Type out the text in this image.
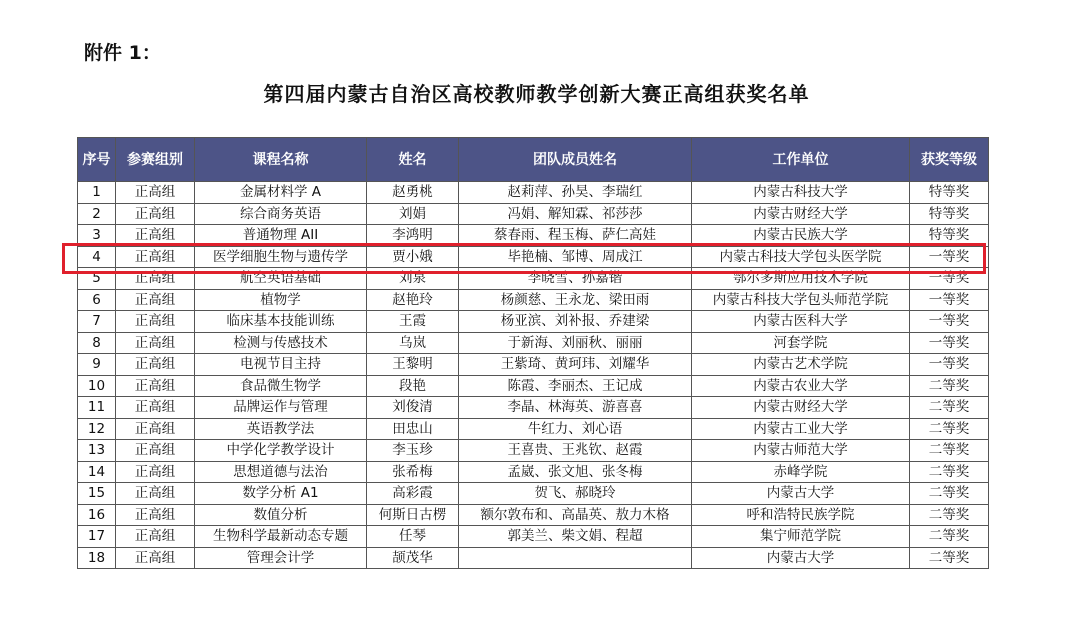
附件 1：
第四届内蒙古自治区高校教师教学创新大赛正高组获奖名单
序号	参赛组别	课程名称	姓名	团队成员姓名	工作单位	获奖等级
1	正高组	金属材料学 A	赵勇桃	赵莉萍、孙昊、李瑞红	内蒙古科技大学	特等奖
2	正高组	综合商务英语	刘娟	冯娟、解知霖、祁莎莎	内蒙古财经大学	特等奖
3	正高组	普通物理 AII	李鸿明	蔡春雨、程玉梅、萨仁高娃	内蒙古民族大学	特等奖
4	正高组	医学细胞生物与遗传学	贾小娥	毕艳楠、邹博、周成江	内蒙古科技大学包头医学院	一等奖
5	正高组	航空英语基础	刘泉	李晓雪、孙嘉锴	鄂尔多斯应用技术学院	一等奖
6	正高组	植物学	赵艳玲	杨颜慈、王永龙、梁田雨	内蒙古科技大学包头师范学院	一等奖
7	正高组	临床基本技能训练	王霞	杨亚滨、刘补报、乔建梁	内蒙古医科大学	一等奖
8	正高组	检测与传感技术	乌岚	于新海、刘丽秋、丽丽	河套学院	一等奖
9	正高组	电视节目主持	王黎明	王紫琦、黄珂玮、刘耀华	内蒙古艺术学院	一等奖
10	正高组	食品微生物学	段艳	陈霞、李丽杰、王记成	内蒙古农业大学	二等奖
11	正高组	品牌运作与管理	刘俊清	李晶、林海英、游喜喜	内蒙古财经大学	二等奖
12	正高组	英语教学法	田忠山	牛红力、刘心语	内蒙古工业大学	二等奖
13	正高组	中学化学教学设计	李玉珍	王喜贵、王兆钦、赵霞	内蒙古师范大学	二等奖
14	正高组	思想道德与法治	张希梅	孟崴、张文旭、张冬梅	赤峰学院	二等奖
15	正高组	数学分析 A1	高彩霞	贺飞、郝晓玲	内蒙古大学	二等奖
16	正高组	数值分析	何斯日古楞	额尔敦布和、高晶英、敖力木格	呼和浩特民族学院	二等奖
17	正高组	生物科学最新动态专题	任琴	郭美兰、柴文娟、程超	集宁师范学院	二等奖
18	正高组	管理会计学	颉茂华		内蒙古大学	二等奖
